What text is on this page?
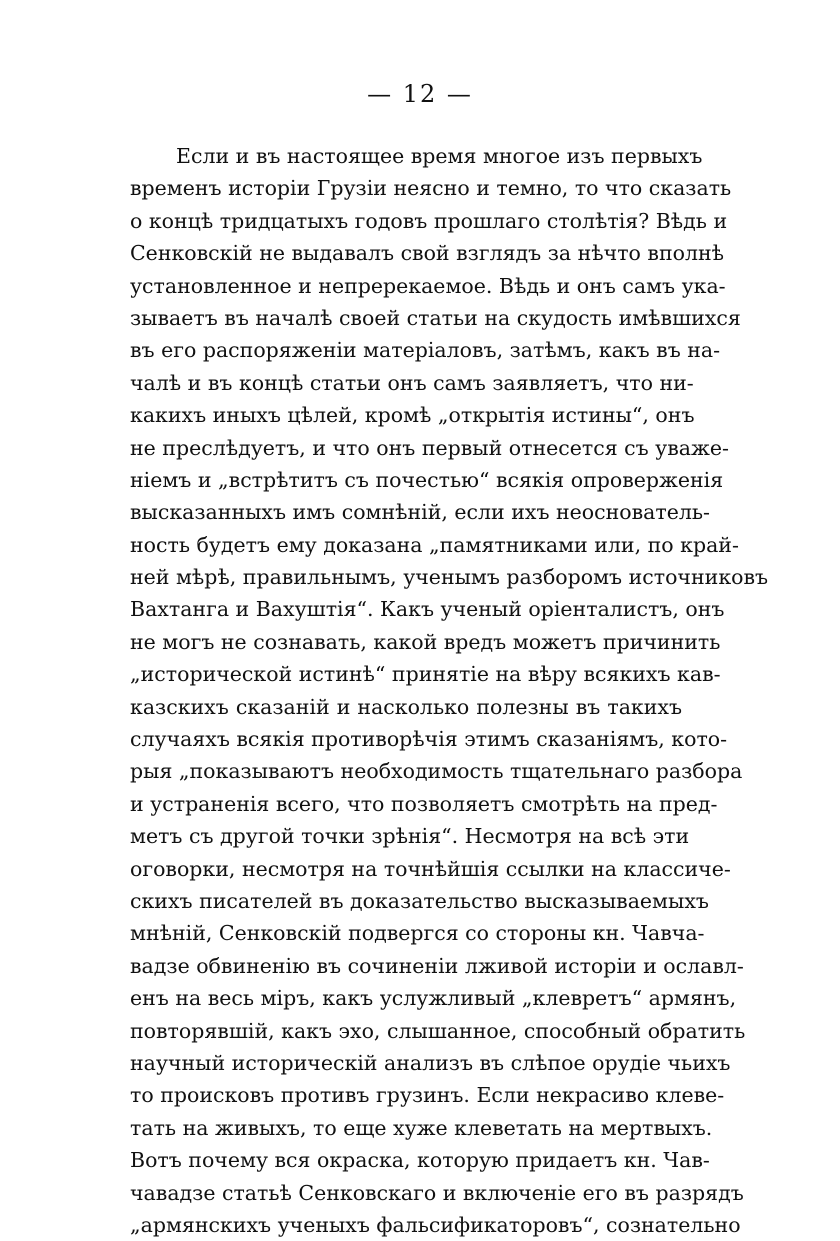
— 12 —
Если и въ настоящее время многое изъ первыхъ
временъ исторіи Грузіи неясно и темно, то что сказать
о концѣ тридцатыхъ годовъ прошлаго столѣтія? Вѣдь и
Сенковскій не выдавалъ свой взглядъ за нѣчто вполнѣ
установленное и непререкаемое. Вѣдь и онъ самъ ука-
зываетъ въ началѣ своей статьи на скудость имѣвшихся
въ его распоряженіи матеріаловъ, затѣмъ, какъ въ на-
чалѣ и въ концѣ статьи онъ самъ заявляетъ, что ни-
какихъ иныхъ цѣлей, кромѣ „открытія истины“, онъ
не преслѣдуетъ, и что онъ первый отнесется съ уваже-
ніемъ и „встрѣтитъ съ почестью“ всякія опроверженія
высказанныхъ имъ сомнѣній, если ихъ неоснователь-
ность будетъ ему доказана „памятниками или, по край-
ней мѣрѣ, правильнымъ, ученымъ разборомъ источниковъ
Вахтанга и Вахуштія“. Какъ ученый оріенталистъ, онъ
не могъ не сознавать, какой вредъ можетъ причинить
„исторической истинѣ“ принятіе на вѣру всякихъ кав-
казскихъ сказаній и насколько полезны въ такихъ
случаяхъ всякія противорѣчія этимъ сказаніямъ, кото-
рыя „показываютъ необходимость тщательнаго разбора
и устраненія всего, что позволяетъ смотрѣть на пред-
метъ съ другой точки зрѣнія“. Несмотря на всѣ эти
оговорки, несмотря на точнѣйшія ссылки на классиче-
скихъ писателей въ доказательство высказываемыхъ
мнѣній, Сенковскій подвергся со стороны кн. Чавча-
вадзе обвиненію въ сочиненіи лживой исторіи и ославл-
енъ на весь міръ, какъ услужливый „клевретъ“ армянъ,
повторявшій, какъ эхо, слышанное, способный обратить
научный историческій анализъ въ слѣпое орудіе чьихъ
то происковъ противъ грузинъ. Если некрасиво клеве-
тать на живыхъ, то еще хуже клеветать на мертвыхъ.
Вотъ почему вся окраска, которую придаетъ кн. Чав-
чавадзе статьѣ Сенковскаго и включеніе его въ разрядъ
„армянскихъ ученыхъ фальсификаторовъ“, сознательно
